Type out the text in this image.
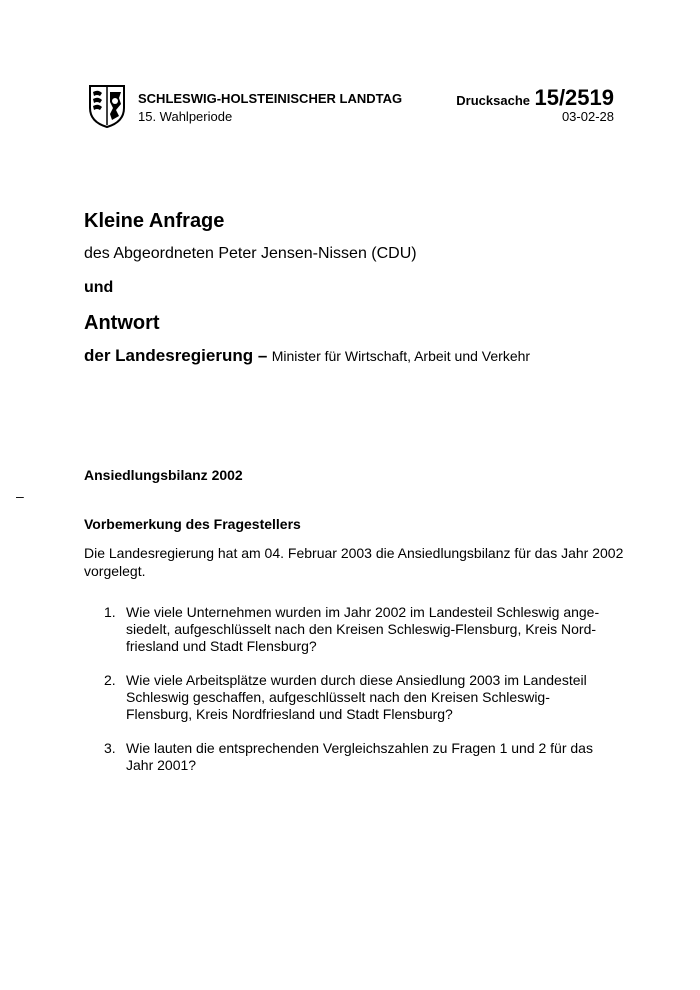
SCHLESWIG-HOLSTEINISCHER LANDTAG
15. Wahlperiode
Drucksache 15/2519
03-02-28
Kleine Anfrage
des Abgeordneten Peter Jensen-Nissen (CDU)
und
Antwort
der Landesregierung – Minister für Wirtschaft, Arbeit und Verkehr
Ansiedlungsbilanz 2002
–
Vorbemerkung des Fragestellers
Die Landesregierung hat am 04. Februar 2003 die Ansiedlungsbilanz für das Jahr 2002 vorgelegt.
1. Wie viele Unternehmen wurden im Jahr 2002 im Landesteil Schleswig ange-siedelt, aufgeschlüsselt nach den Kreisen Schleswig-Flensburg, Kreis Nord-friesland und Stadt Flensburg?
2. Wie viele Arbeitsplätze wurden durch diese Ansiedlung 2003 im Landesteil Schleswig geschaffen, aufgeschlüsselt nach den Kreisen Schleswig-Flensburg, Kreis Nordfriesland und Stadt Flensburg?
3. Wie lauten die entsprechenden Vergleichszahlen zu Fragen 1 und 2 für das Jahr 2001?
